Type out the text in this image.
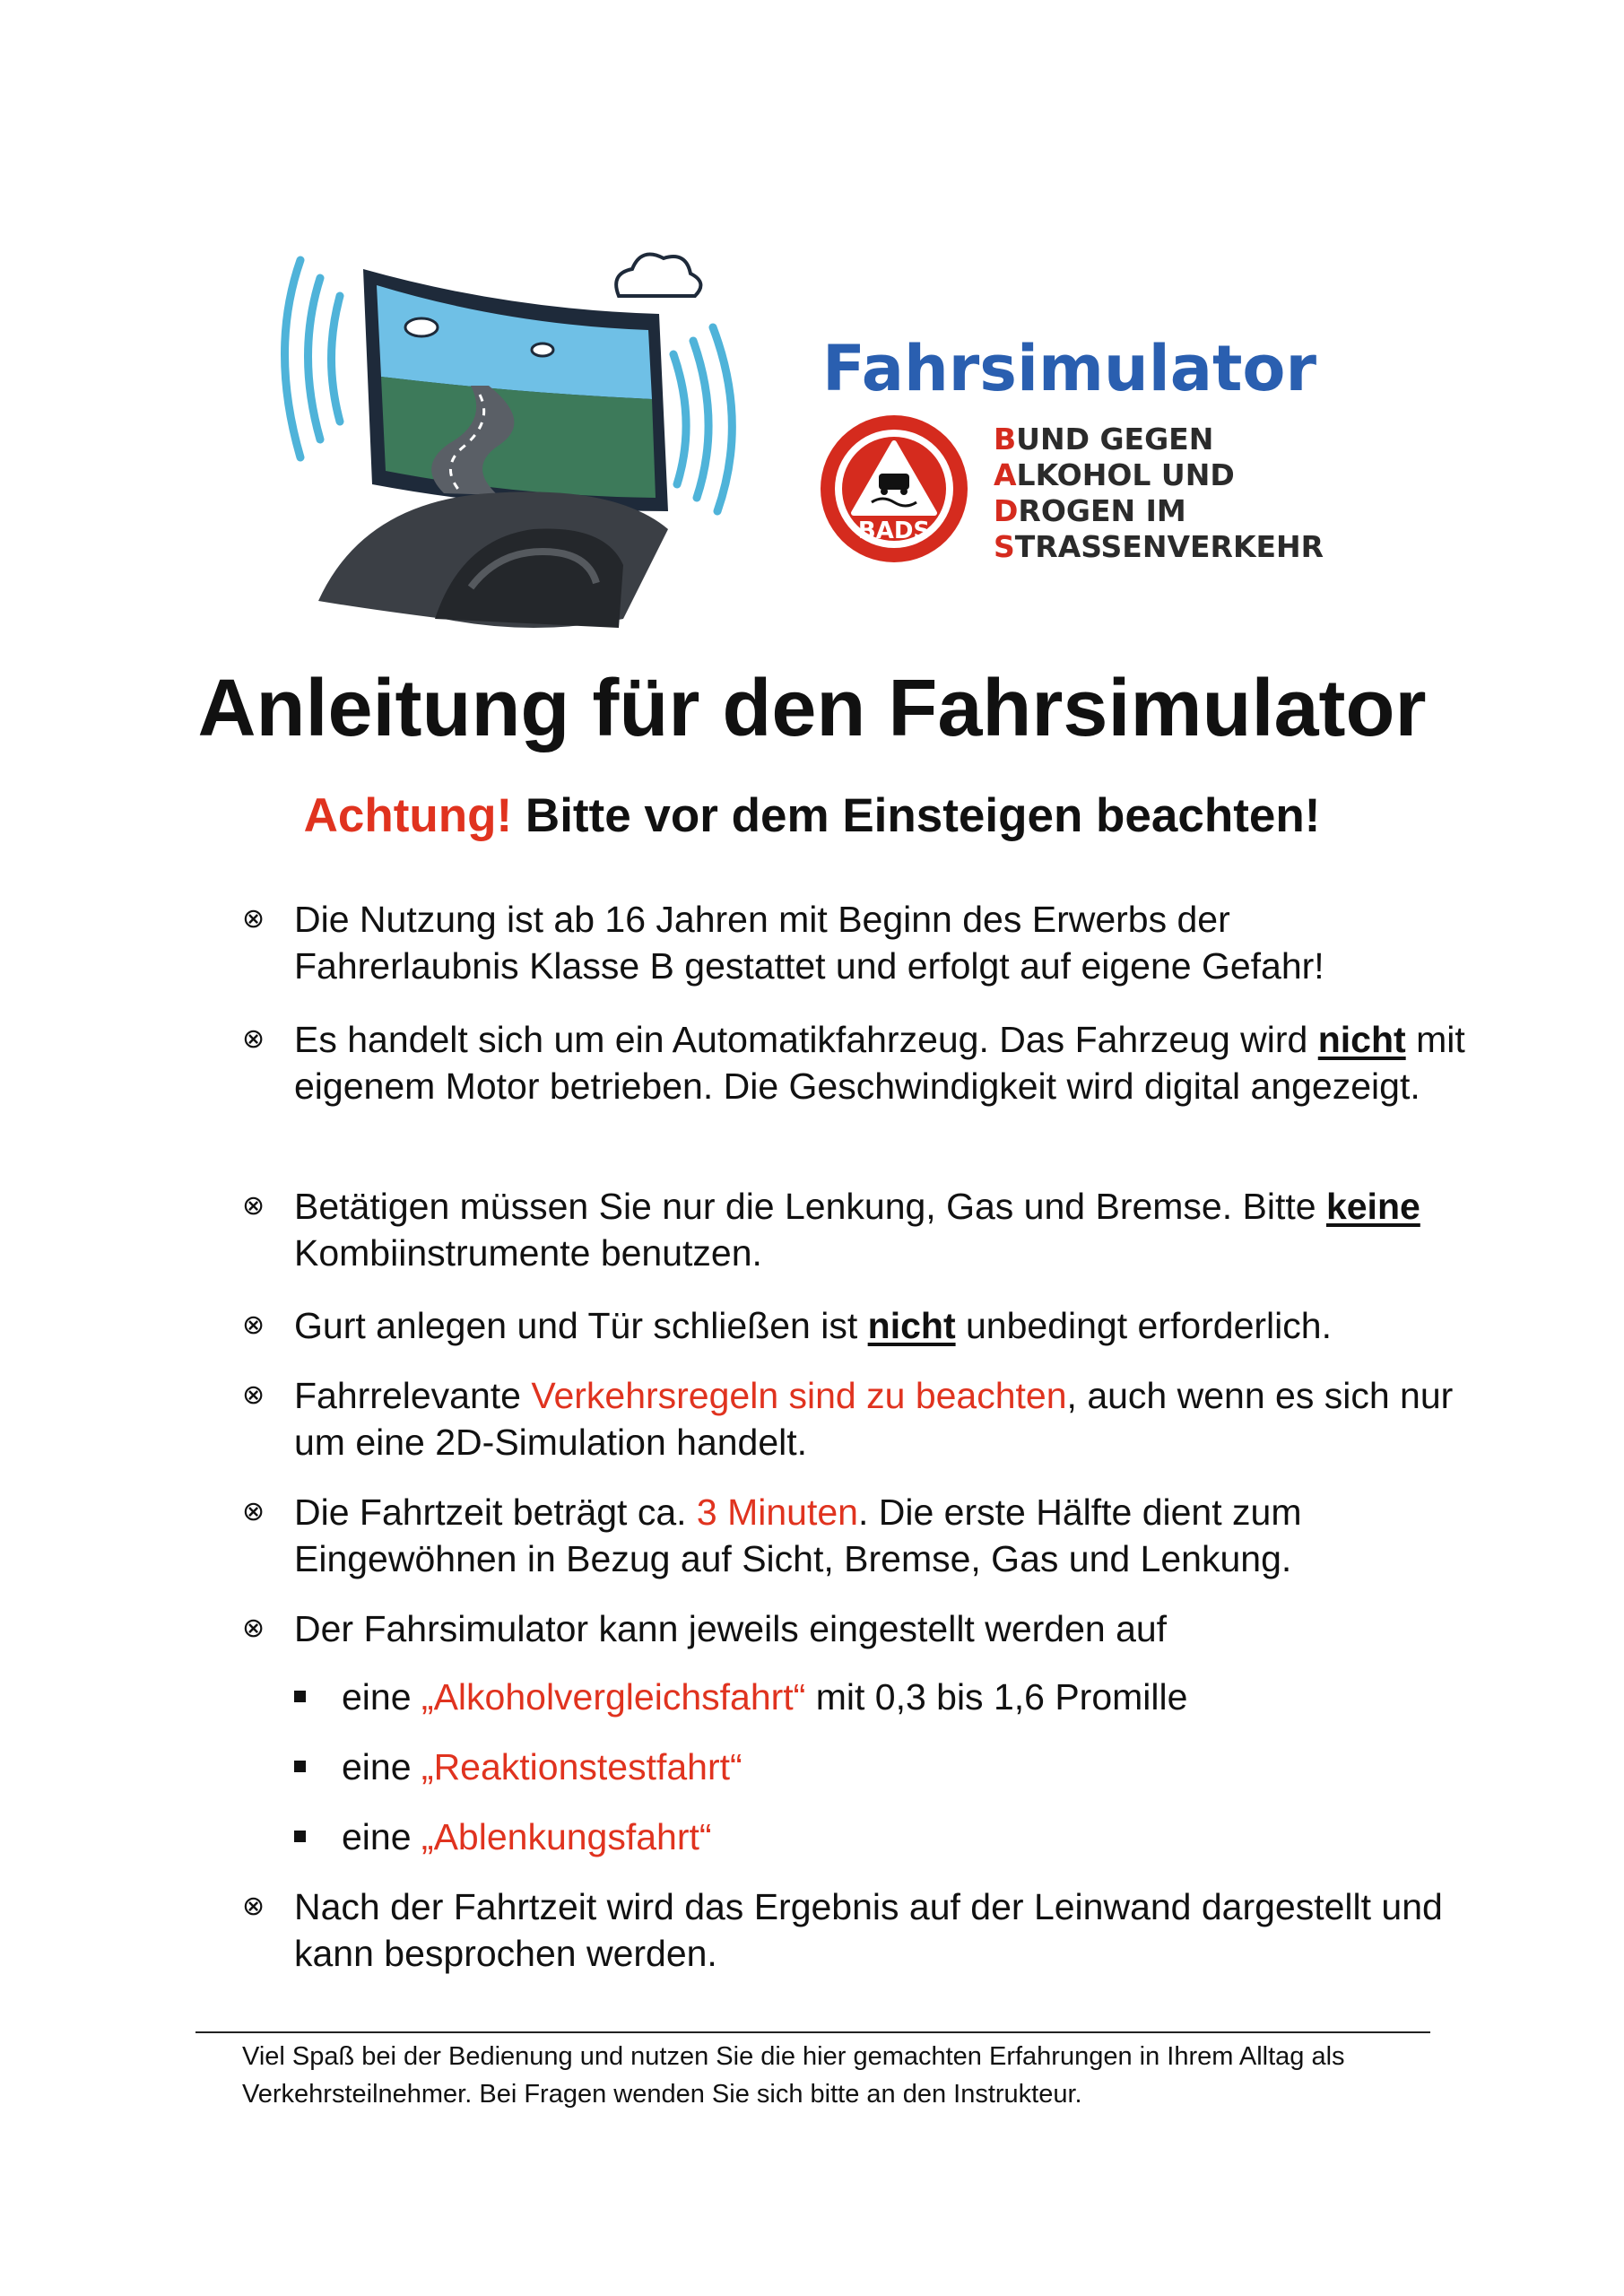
Fahrsimulator
BADS
BUND GEGEN
ALKOHOL UND
DROGEN IM
STRASSENVERKEHR
Anleitung für den Fahrsimulator
Achtung! Bitte vor dem Einsteigen beachten!
⊗ Die Nutzung ist ab 16 Jahren mit Beginn des Erwerbs der
Fahrerlaubnis Klasse B gestattet und erfolgt auf eigene Gefahr!
⊗ Es handelt sich um ein Automatikfahrzeug. Das Fahrzeug wird nicht mit eigenem Motor betrieben. Die Geschwindigkeit wird digital angezeigt.
⊗ Betätigen müssen Sie nur die Lenkung, Gas und Bremse. Bitte keine Kombiinstrumente benutzen.
⊗ Gurt anlegen und Tür schließen ist nicht unbedingt erforderlich.
⊗ Fahrrelevante Verkehrsregeln sind zu beachten, auch wenn es sich nur um eine 2D-Simulation handelt.
⊗ Die Fahrtzeit beträgt ca. 3 Minuten. Die erste Hälfte dient zum Eingewöhnen in Bezug auf Sicht, Bremse, Gas und Lenkung.
⊗ Der Fahrsimulator kann jeweils eingestellt werden auf
eine „Alkoholvergleichsfahrt“ mit 0,3 bis 1,6 Promille
eine „Reaktionstestfahrt“
eine „Ablenkungsfahrt“
⊗ Nach der Fahrtzeit wird das Ergebnis auf der Leinwand dargestellt und kann besprochen werden.
Viel Spaß bei der Bedienung und nutzen Sie die hier gemachten Erfahrungen in Ihrem Alltag als Verkehrsteilnehmer. Bei Fragen wenden Sie sich bitte an den Instrukteur.
